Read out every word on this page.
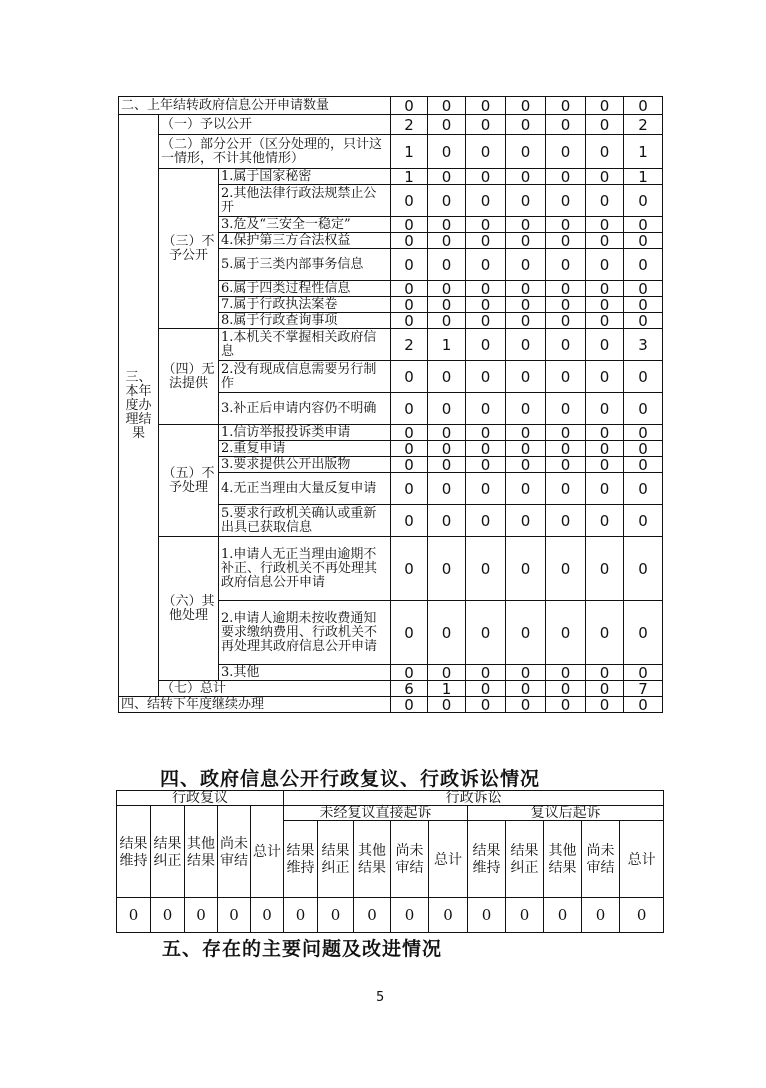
二、上年结转政府信息公开申请数量			0	0	0	0	0	0	0
三、本年度办理结果	（一）予以公开		2	0	0	0	0	0	2
	（二）部分公开（区分处理的，只计这一情形，不计其他情形）		1	0	0	0	0	0	1
	（三）不予公开	1.属于国家秘密	1	0	0	0	0	0	1
		2.其他法律行政法规禁止公开	0	0	0	0	0	0	0
		3.危及“三安全一稳定”	0	0	0	0	0	0	0
		4.保护第三方合法权益	0	0	0	0	0	0	0
		5.属于三类内部事务信息	0	0	0	0	0	0	0
		6.属于四类过程性信息	0	0	0	0	0	0	0
		7.属于行政执法案卷	0	0	0	0	0	0	0
		8.属于行政查询事项	0	0	0	0	0	0	0
	（四）无法提供	1.本机关不掌握相关政府信息	2	1	0	0	0	0	3
		2.没有现成信息需要另行制作	0	0	0	0	0	0	0
		3.补正后申请内容仍不明确	0	0	0	0	0	0	0
	（五）不予处理	1.信访举报投诉类申请	0	0	0	0	0	0	0
		2.重复申请	0	0	0	0	0	0	0
		3.要求提供公开出版物	0	0	0	0	0	0	0
		4.无正当理由大量反复申请	0	0	0	0	0	0	0
		5.要求行政机关确认或重新出具已获取信息	0	0	0	0	0	0	0
	（六）其他处理	1.申请人无正当理由逾期不补正、行政机关不再处理其政府信息公开申请	0	0	0	0	0	0	0
		2.申请人逾期未按收费通知要求缴纳费用、行政机关不再处理其政府信息公开申请	0	0	0	0	0	0	0
		3.其他	0	0	0	0	0	0	0
	（七）总计		6	1	0	0	0	0	7
四、结转下年度继续办理			0	0	0	0	0	0	0
四、政府信息公开行政复议、行政诉讼情况
行政复议					行政诉讼									
结果维持	结果纠正	其他结果	尚未审结	总计	未经复议直接起诉					复议后起诉				
					结果维持	结果纠正	其他结果	尚未审结	总计	结果维持	结果纠正	其他结果	尚未审结	总计
0	0	0	0	0	0	0	0	0	0	0	0	0	0	0
五、存在的主要问题及改进情况
5
